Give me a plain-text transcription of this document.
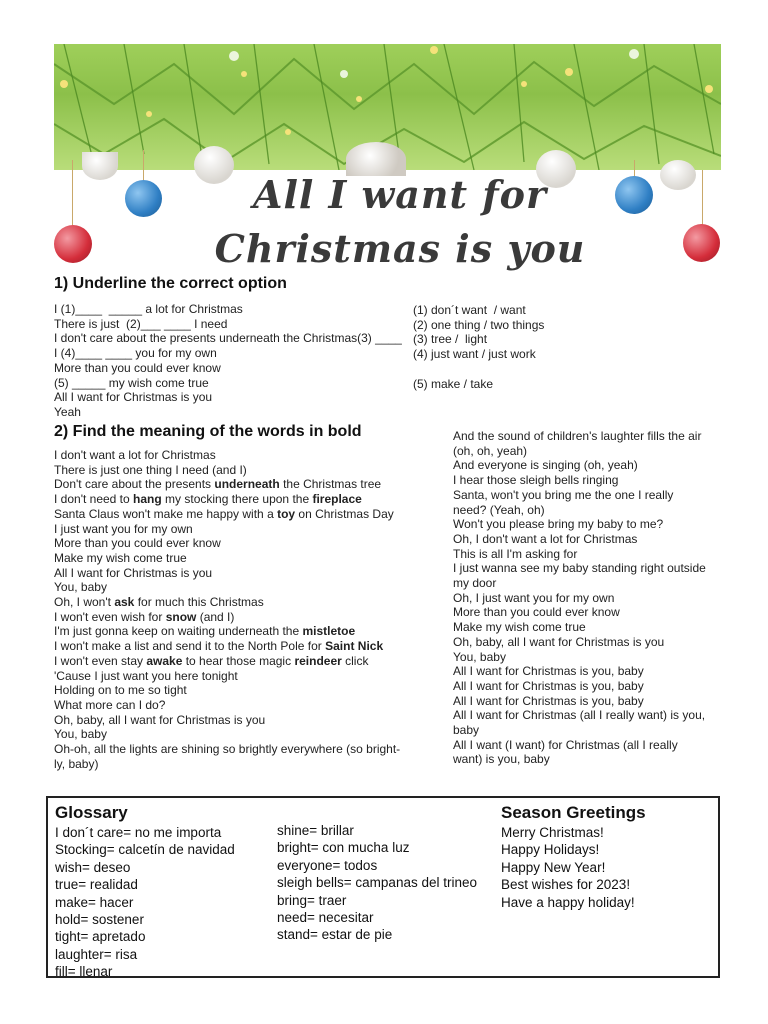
All I want for
Christmas is you
1) Underline the correct option
I (1)____  _____ a lot for Christmas
There is just  (2)___ ____ I need
I don't care about the presents underneath the Christmas(3) ____
I (4)____ ____ you for my own
More than you could ever know
(5) _____ my wish come true
All I want for Christmas is you
Yeah
(1) don´t want  / want
(2) one thing / two things
(3) tree /  light
(4) just want / just work

(5) make / take
2) Find the meaning of the words in bold
I don't want a lot for Christmas
There is just one thing I need (and I)
Don't care about the presents underneath the Christmas tree
I don't need to hang my stocking there upon the fireplace
Santa Claus won't make me happy with a toy on Christmas Day
I just want you for my own
More than you could ever know
Make my wish come true
All I want for Christmas is you
You, baby
Oh, I won't ask for much this Christmas
I won't even wish for snow (and I)
I'm just gonna keep on waiting underneath the mistletoe
I won't make a list and send it to the North Pole for Saint Nick
I won't even stay awake to hear those magic reindeer click
'Cause I just want you here tonight
Holding on to me so tight
What more can I do?
Oh, baby, all I want for Christmas is you
You, baby
Oh-oh, all the lights are shining so brightly everywhere (so bright-
ly, baby)
And the sound of children's laughter fills the air
(oh, oh, yeah)
And everyone is singing (oh, yeah)
I hear those sleigh bells ringing
Santa, won't you bring me the one I really
need? (Yeah, oh)
Won't you please bring my baby to me?
Oh, I don't want a lot for Christmas
This is all I'm asking for
I just wanna see my baby standing right outside
my door
Oh, I just want you for my own
More than you could ever know
Make my wish come true
Oh, baby, all I want for Christmas is you
You, baby
All I want for Christmas is you, baby
All I want for Christmas is you, baby
All I want for Christmas is you, baby
All I want for Christmas (all I really want) is you,
baby
All I want (I want) for Christmas (all I really
want) is you, baby
Glossary
I don´t care= no me importa
Stocking= calcetín de navidad
wish= deseo
true= realidad
make= hacer
hold= sostener
tight= apretado
laughter= risa
fill= llenar
shine= brillar
bright= con mucha luz
everyone= todos
sleigh bells= campanas del trineo
bring= traer
need= necesitar
stand= estar de pie
Season Greetings
Merry Christmas!
Happy Holidays!
Happy New Year!
Best wishes for 2023!
Have a happy holiday!
